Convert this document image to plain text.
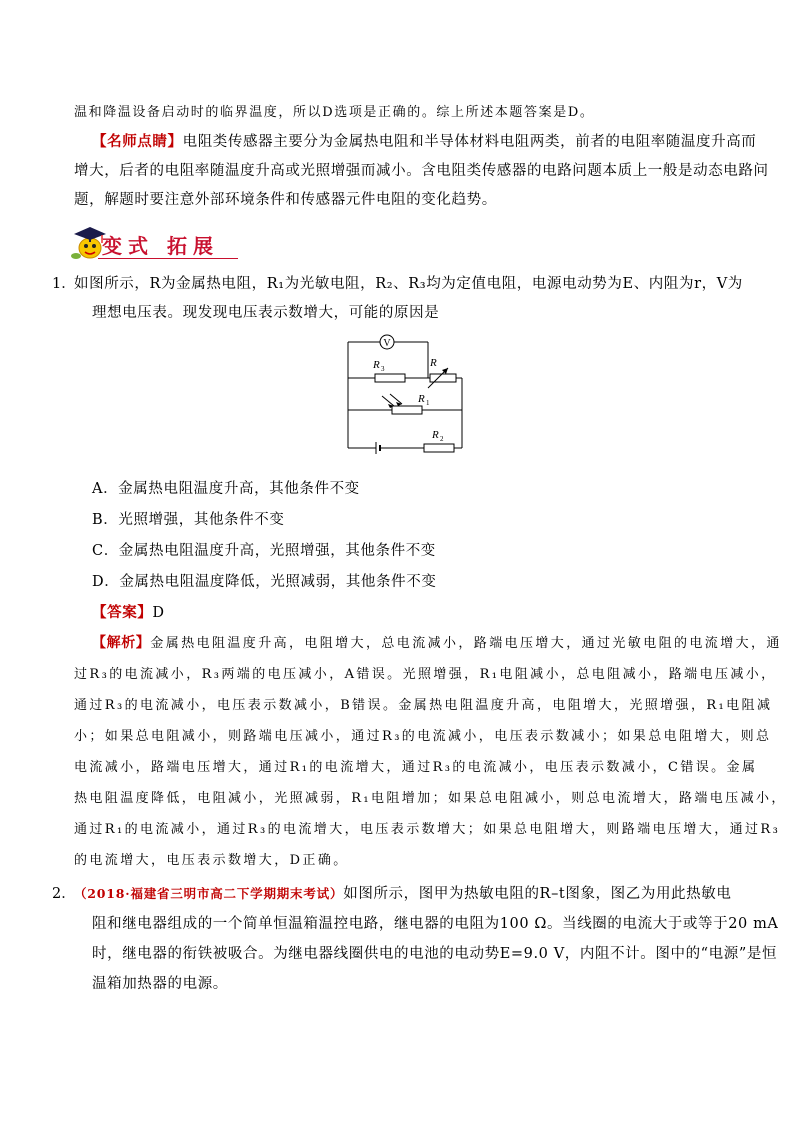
温和降温设备启动时的临界温度，所以D选项是正确的。综上所述本题答案是D。
【名师点睛】电阻类传感器主要分为金属热电阻和半导体材料电阻两类，前者的电阻率随温度升高而
增大，后者的电阻率随温度升高或光照增强而减小。含电阻类传感器的电路问题本质上一般是动态电路问
题，解题时要注意外部环境条件和传感器元件电阻的变化趋势。
变式 拓展
1．
如图所示，R为金属热电阻，R₁为光敏电阻，R₂、R₃均为定值电阻，电源电动势为E、内阻为r，V为
理想电压表。现发现电压表示数增大，可能的原因是
V
R 3	R
R 1
R 2
A．金属热电阻温度升高，其他条件不变
B．光照增强，其他条件不变
C．金属热电阻温度升高，光照增强，其他条件不变
D．金属热电阻温度降低，光照减弱，其他条件不变
【答案】D
【解析】金属热电阻温度升高，电阻增大，总电流减小，路端电压增大，通过光敏电阻的电流增大，通
过R₃的电流减小，R₃两端的电压减小，A错误。光照增强，R₁电阻减小，总电阻减小，路端电压减小，
通过R₃的电流减小，电压表示数减小，B错误。金属热电阻温度升高，电阻增大，光照增强，R₁电阻减
小；如果总电阻减小，则路端电压减小，通过R₃的电流减小，电压表示数减小；如果总电阻增大，则总
电流减小，路端电压增大，通过R₁的电流增大，通过R₃的电流减小，电压表示数减小，C错误。金属
热电阻温度降低，电阻减小，光照减弱，R₁电阻增加；如果总电阻减小，则总电流增大，路端电压减小，
通过R₁的电流减小，通过R₃的电流增大，电压表示数增大；如果总电阻增大，则路端电压增大，通过R₃
的电流增大，电压表示数增大，D正确。
2．
（2018·福建省三明市高二下学期期末考试）如图所示，图甲为热敏电阻的R–t图象，图乙为用此热敏电
阻和继电器组成的一个简单恒温箱温控电路，继电器的电阻为100 Ω。当线圈的电流大于或等于20 mA
时，继电器的衔铁被吸合。为继电器线圈供电的电池的电动势E=9.0 V，内阻不计。图中的“电源”是恒
温箱加热器的电源。
